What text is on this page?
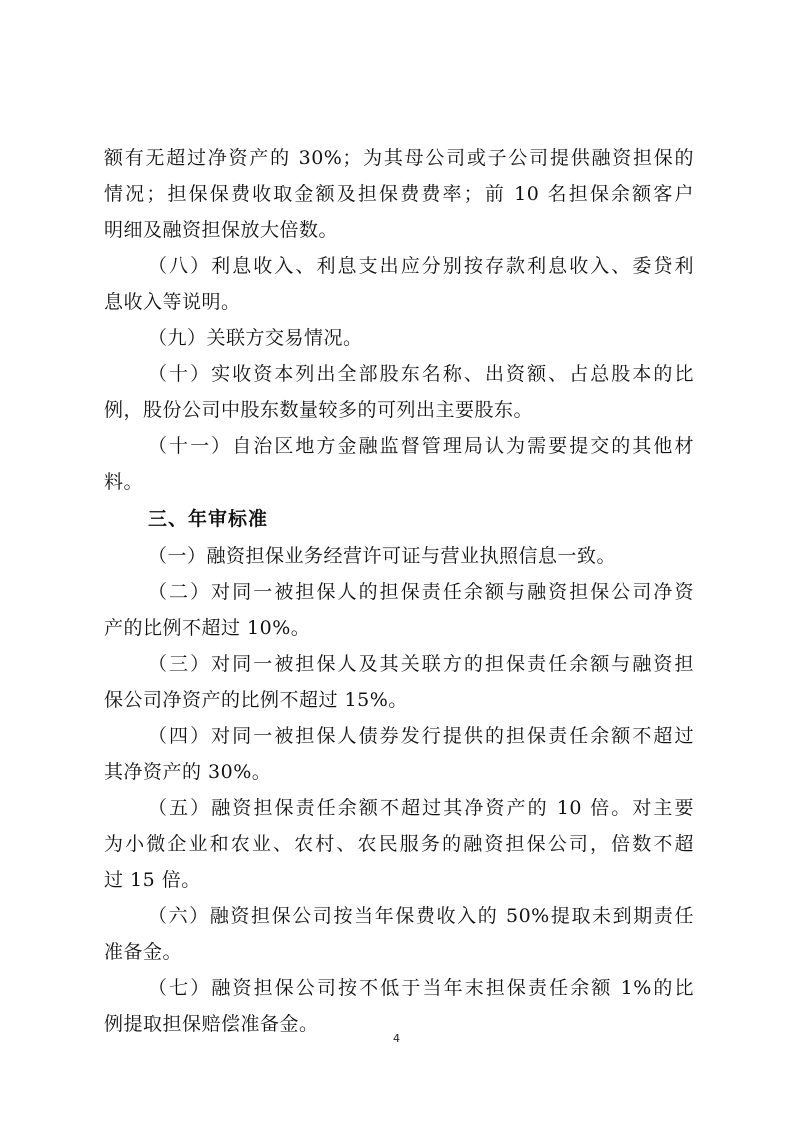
额有无超过净资产的 30%；为其母公司或子公司提供融资担保的
情况；担保保费收取金额及担保费费率；前 10 名担保余额客户
明细及融资担保放大倍数。
（八）利息收入、利息支出应分别按存款利息收入、委贷利
息收入等说明。
（九）关联方交易情况。
（十）实收资本列出全部股东名称、出资额、占总股本的比
例，股份公司中股东数量较多的可列出主要股东。
（十一）自治区地方金融监督管理局认为需要提交的其他材
料。
三、年审标准
（一）融资担保业务经营许可证与营业执照信息一致。
（二）对同一被担保人的担保责任余额与融资担保公司净资
产的比例不超过 10%。
（三）对同一被担保人及其关联方的担保责任余额与融资担
保公司净资产的比例不超过 15%。
（四）对同一被担保人债券发行提供的担保责任余额不超过
其净资产的 30%。
（五）融资担保责任余额不超过其净资产的 10 倍。对主要
为小微企业和农业、农村、农民服务的融资担保公司，倍数不超
过 15 倍。
（六）融资担保公司按当年保费收入的 50%提取未到期责任
准备金。
（七）融资担保公司按不低于当年末担保责任余额 1%的比
例提取担保赔偿准备金。
4
